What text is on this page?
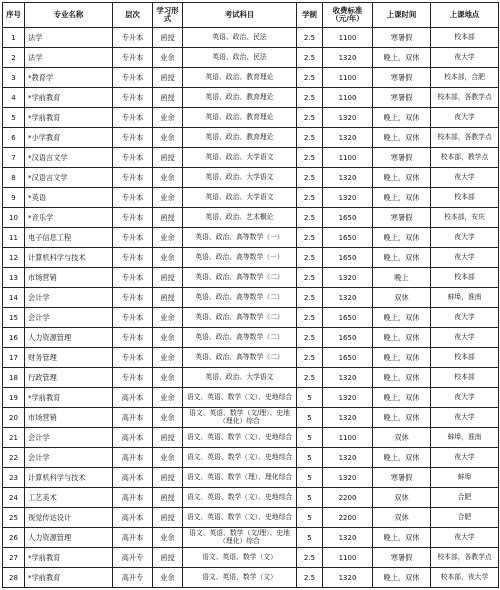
序号	专业名称	层次	学习形式	考试科目	学制	收费标准（元/年）	上课时间	上课地点
1	法学	专升本	函授	英语、政治、民法	2.5	1100	寒暑假	校本部
2	法学	专升本	业余	英语、政治、民法	2.5	1320	晚上，双休	夜大学
3	*教育学	专升本	函授	英语、政治、教育理论	2.5	1100	寒暑假	校本部，合肥
4	*学前教育	专升本	函授	英语、政治、教育理论	2.5	1100	寒暑假	校本部，各教学点
5	*学前教育	专升本	业余	英语、政治、教育理论	2.5	1320	晚上，双休	夜大学
6	*小学教育	专升本	业余	英语、政治、教育理论	2.5	1320	晚上，双休	校本部，各教学点
7	*汉语言文学	专升本	函授	英语、政治、大学语文	2.5	1100	寒暑假	校本部，教学点
8	*汉语言文学	专升本	业余	英语、政治、大学语文	2.5	1320	晚上，双休	夜大学
9	*英语	专升本	业余	英语、政治、大学语文	2.5	1320	晚上，双休	校本部
10	*音乐学	专升本	函授	英语、政治、艺术概论	2.5	1650	寒暑假	校本部，安庆
11	电子信息工程	专升本	业余	英语、政治、高等数学（一）	2.5	1650	晚上，双休	夜大学
12	计算机科学与技术	专升本	业余	英语、政治、高等数学（一）	2.5	1650	晚上，双休	夜大学
13	市场营销	专升本	函授	英语、政治、高等数学（二）	2.5	1320	晚上	校本部
14	会计学	专升本	函授	英语、政治、高等数学（二）	2.5	1320	双休	蚌埠，淮南
15	会计学	专升本	业余	英语、政治、高等数学（二）	2.5	1650	晚上，双休	夜大学
16	人力资源管理	专升本	业余	英语、政治、高等数学（二）	2.5	1650	晚上，双休	夜大学
17	财务管理	专升本	业余	英语、政治、高等数学（二）	2.5	1650	晚上，双休	校本部
18	行政管理	专升本	业余	英语、政治、大学语文	2.5	1320	晚上，双休	校本部
19	*学前教育	高升本	业余	语文、英语、数学（文）、史地综合	5	1320	晚上，双休	夜大学
20	市场营销	高升本	业余	语文、英语、数学（文/理）、史地（理化）综合	5	1320	晚上，双休	夜大学
21	会计学	高升本	函授	语文、英语、数学（文）、史地综合	5	1100	双休	蚌埠，淮南
22	会计学	高升本	业余	语文、英语、数学（文）、史地综合	5	1320	晚上，双休	夜大学
23	计算机科学与技术	高升本	函授	语文、英语、数学（理）、理化综合	5	1320	寒暑假	蚌埠
24	工艺美术	高升本	函授	语文、英语、数学（文）、史地综合	5	2200	双休	合肥
25	视觉传达设计	高升本	函授	语文、英语、数学（文）、史地综合	5	2200	双休	合肥
26	人力资源管理	高升本	业余	语文、英语、数学（文/理）、史地（理化）综合	5	1320	晚上，双休	夜大学
27	*学前教育	高升专	函授	语文、英语、数学（文）	2.5	1100	寒暑假	校本部，各教学点
28	*学前教育	高升专	业余	语文、英语、数学（文）	2.5	1320	晚上，双休	校本部，夜大学
